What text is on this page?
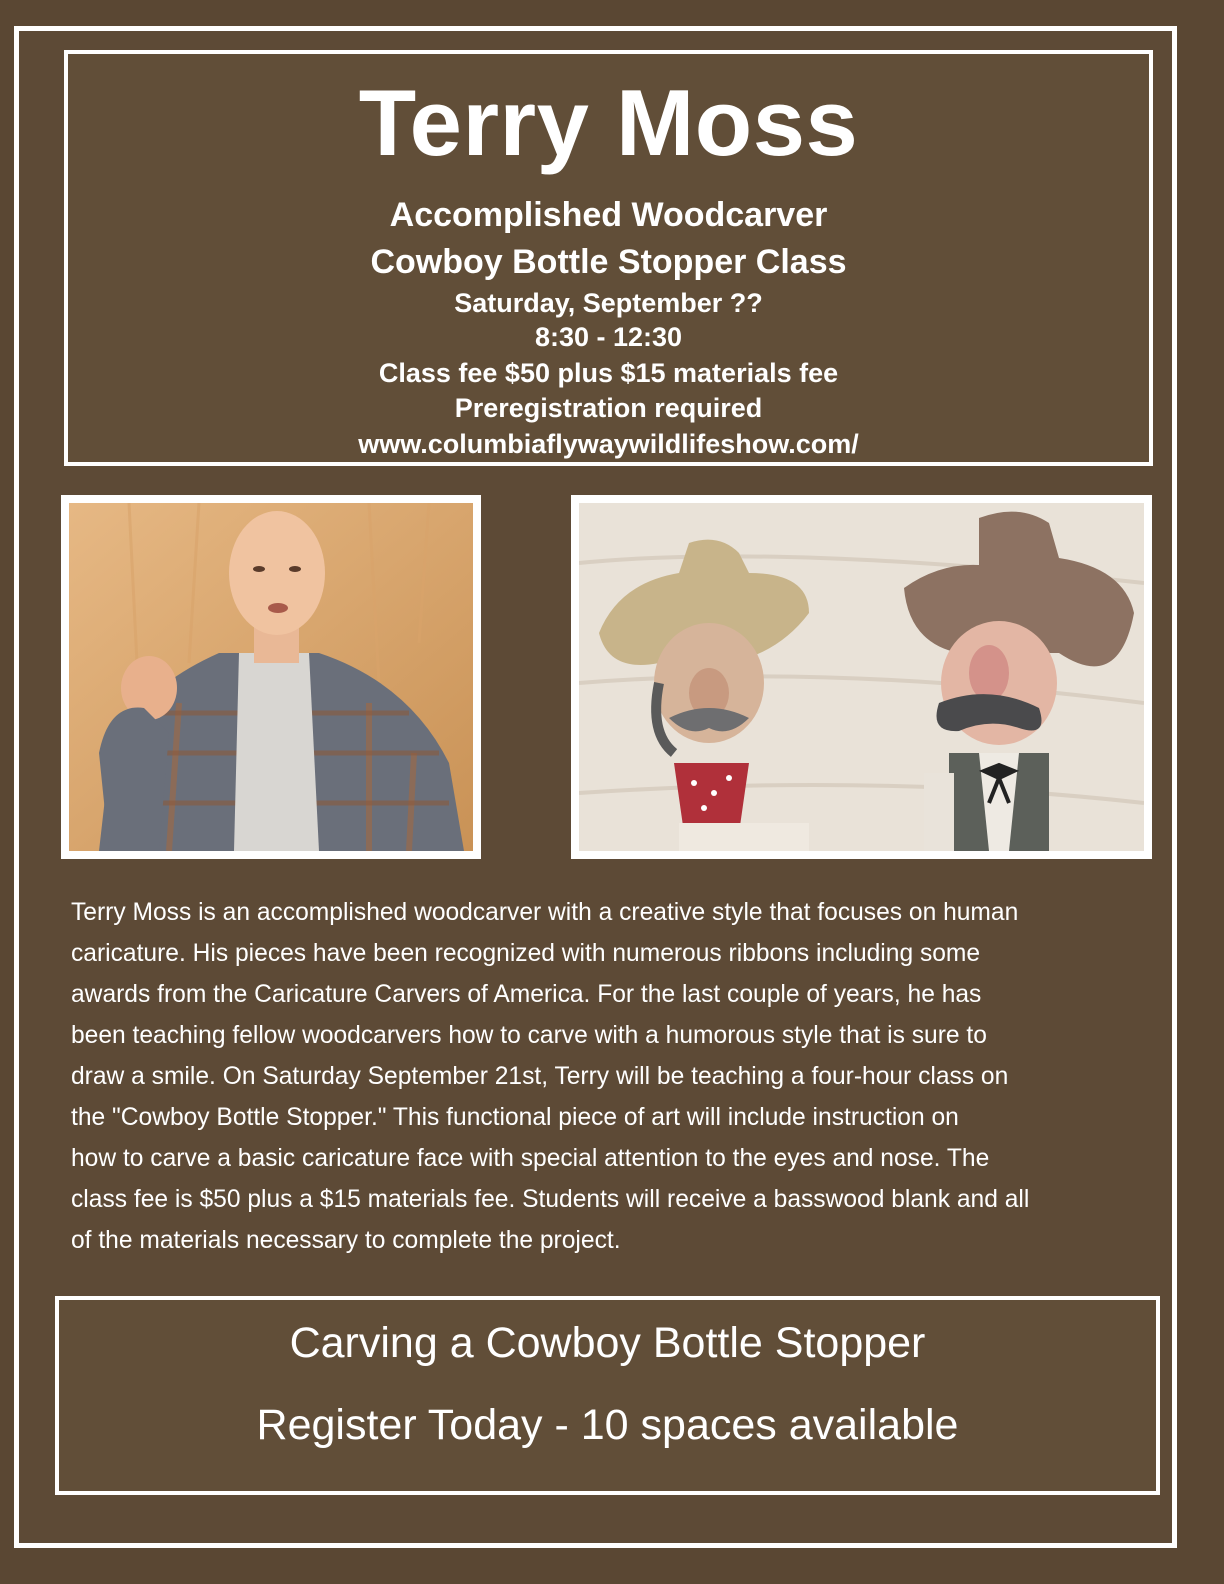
Terry Moss
Accomplished Woodcarver
Cowboy Bottle Stopper Class
Saturday, September ??
8:30 - 12:30
Class fee $50 plus $15 materials fee
Preregistration required
www.columbiaflywaywildlifeshow.com/
Terry Moss is an accomplished woodcarver with a creative style that focuses on human
caricature. His pieces have been recognized with numerous ribbons including some
awards from the Caricature Carvers of America. For the last couple of years, he has
been teaching fellow woodcarvers how to carve with a humorous style that is sure to
draw a smile. On Saturday September 21st, Terry will be teaching a four-hour class on
the "Cowboy Bottle Stopper." This functional piece of art will include instruction on
how to carve a basic caricature face with special attention to the eyes and nose. The
class fee is $50 plus a $15 materials fee. Students will receive a basswood blank and all
of the materials necessary to complete the project.
Carving a Cowboy Bottle Stopper
Register Today - 10 spaces available
